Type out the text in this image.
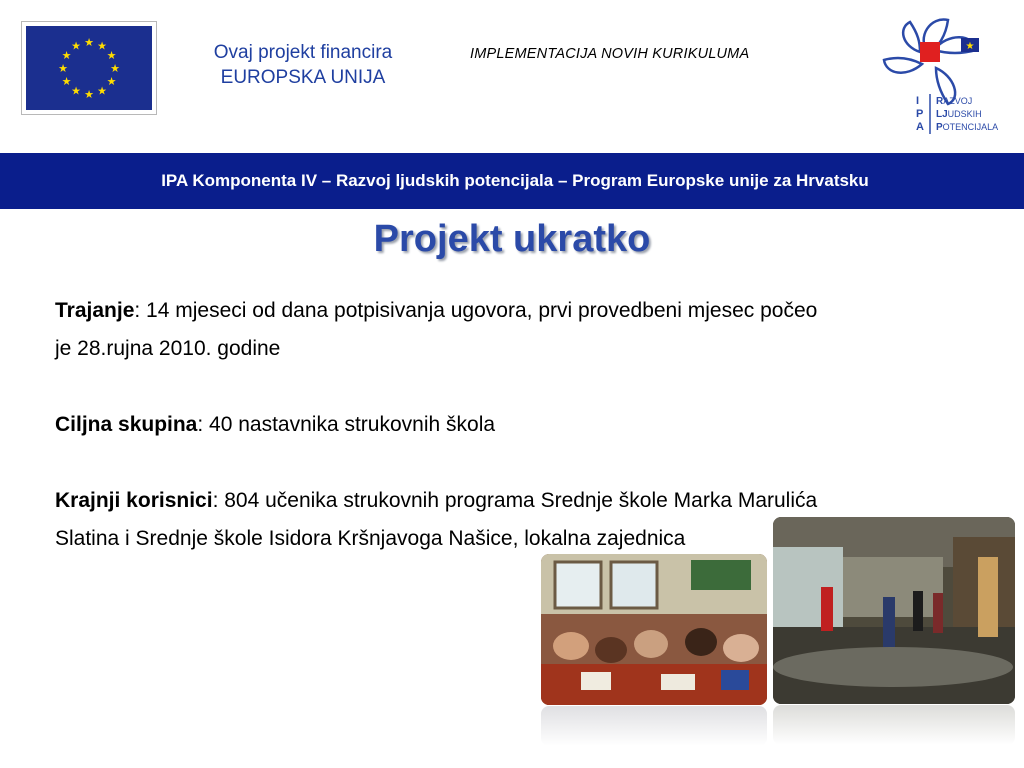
★ ★
★
★
★
★
★
★
★
★
★
★	Ovaj projekt financira
EUROPSKA UNIJA
IMPLEMENTACIJA NOVIH KURIKULUMA	★
I
P
A
RAZVOJ
LJUDSKIH
POTENCIJALA
IPA Komponenta IV – Razvoj ljudskih potencijala – Program Europske unije za Hrvatsku
Projekt ukratko

Trajanje: 14 mjeseci od dana potpisivanja ugovora, prvi provedbeni mjesec počeo je 28.rujna 2010. godine

Ciljna skupina: 40 nastavnika strukovnih škola

Krajnji korisnici: 804 učenika strukovnih programa Srednje škole Marka Marulića Slatina i Srednje škole Isidora Kršnjavoga Našice, lokalna zajednica
